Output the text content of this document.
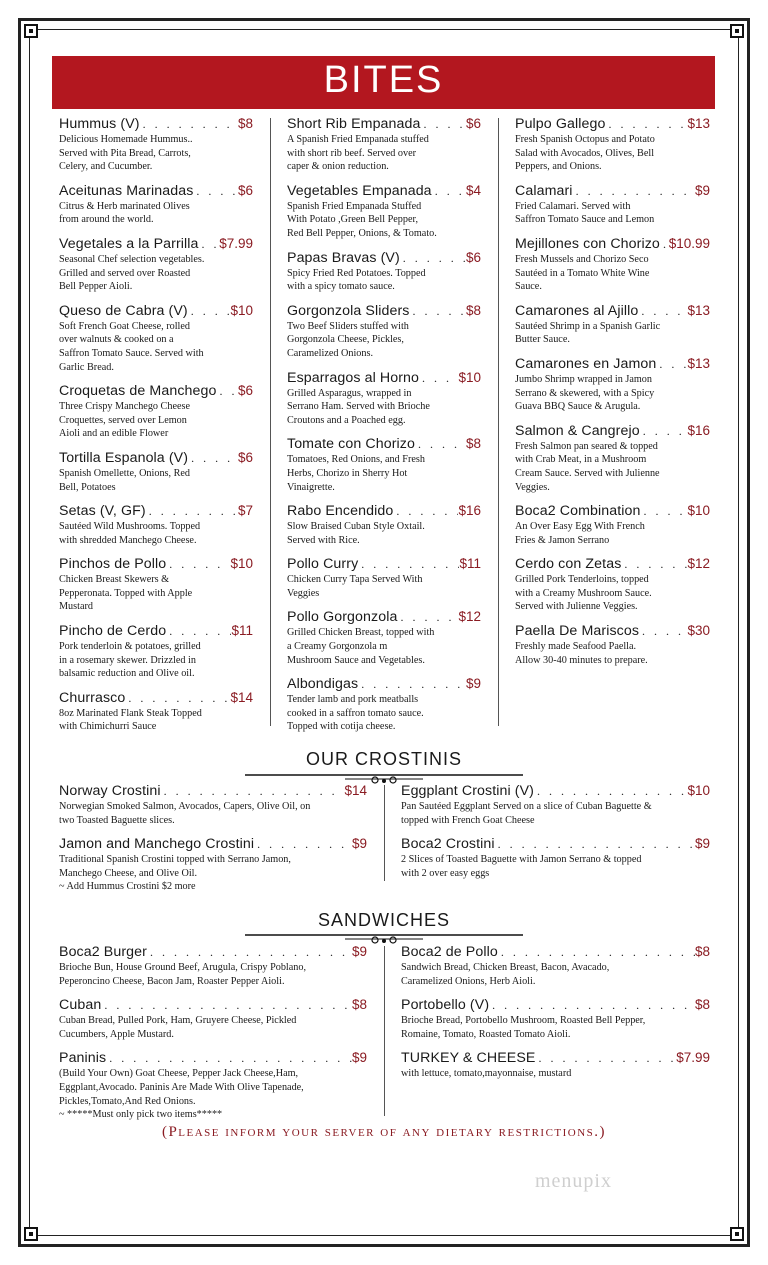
BITES
Hummus (V) . . .	$8
Delicious Homemade Hummus..
Served with Pita Bread, Carrots,
Celery, and Cucumber.
Aceitunas Marinadas . . .	$6
Citrus & Herb marinated Olives
from around the world.
Vegetales a la Parrilla . . . $7.99
Seasonal Chef selection vegetables.
Grilled and served over Roasted
Bell Pepper Aioli.
Queso de Cabra (V) . . .	$10
Soft French Goat Cheese, rolled
over walnuts & cooked on a
Saffron Tomato Sauce. Served with
Garlic Bread.
Croquetas de Manchego . . . $6
Three Crispy Manchego Cheese
Croquettes, served over Lemon
Aioli and an edible Flower
Tortilla Espanola (V) . . .	$6
Spanish Omellette, Onions, Red
Bell, Potatoes
Setas (V, GF) . . .	$7
Sautéed Wild Mushrooms. Topped
with shredded Manchego Cheese.
Pinchos de Pollo . . .	$10
Chicken Breast Skewers &
Pepperonata. Topped with Apple
Mustard
Pincho de Cerdo . . .	$11
Pork tenderloin & potatoes, grilled
in a rosemary skewer. Drizzled in
balsamic reduction and Olive oil.
Churrasco . . .	$14
8oz Marinated Flank Steak Topped
with Chimichurri Sauce
Short Rib Empanada . . .	$6
A Spanish Fried Empanada stuffed
with short rib beef. Served over
caper & onion reduction.
Vegetables Empanada . . .	$4
Spanish Fried Empanada Stuffed
With Potato ,Green Bell Pepper,
Red Bell Pepper, Onions, & Tomato.
Papas Bravas (V) . . .	$6
Spicy Fried Red Potatoes. Topped
with a spicy tomato sauce.
Gorgonzola Sliders . . .	$8
Two Beef Sliders stuffed with
Gorgonzola Cheese, Pickles,
Caramelized Onions.
Esparragos al Horno . . .	$10
Grilled Asparagus, wrapped in
Serrano Ham. Served with Brioche
Croutons and a Poached egg.
Tomate con Chorizo . . .	$8
Tomatoes, Red Onions, and Fresh
Herbs, Chorizo in Sherry Hot
Vinaigrette.
Rabo Encendido . . .	$16
Slow Braised Cuban Style Oxtail.
Served with Rice.
Pollo Curry . . .	$11
Chicken Curry Tapa Served With
Veggies
Pollo Gorgonzola . . .	$12
Grilled Chicken Breast, topped with
a Creamy Gorgonzola m
Mushroom Sauce and Vegetables.
Albondigas . . .	$9
Tender lamb and pork meatballs
cooked in a saffron tomato sauce.
Topped with cotija cheese.
Pulpo Gallego . . .	$13
Fresh Spanish Octopus and Potato
Salad with Avocados, Olives, Bell
Peppers, and Onions.
Calamari . . .	$9
Fried Calamari. Served with
Saffron Tomato Sauce and Lemon
Mejillones con Chorizo . . . $10.99
Fresh Mussels and Chorizo Seco
Sautéed in a Tomato White Wine
Sauce.
Camarones al Ajillo . . .	$13
Sautéed Shrimp in a Spanish Garlic
Butter Sauce.
Camarones en Jamon . . . $13
Jumbo Shrimp wrapped in Jamon
Serrano & skewered, with a Spicy
Guava BBQ Sauce & Arugula.
Salmon & Cangrejo . . .	$16
Fresh Salmon pan seared & topped
with Crab Meat, in a Mushroom
Cream Sauce. Served with Julienne
Veggies.
Boca2 Combination . . .	$10
An Over Easy Egg With French
Fries & Jamon Serrano
Cerdo con Zetas . . .	$12
Grilled Pork Tenderloins, topped
with a Creamy Mushroom Sauce.
Served with Julienne Veggies.
Paella De Mariscos . . .	$30
Freshly made Seafood Paella.
Allow 30-40 minutes to prepare.
OUR CROSTINIS
Norway Crostini . . .	$14
Norwegian Smoked Salmon, Avocados, Capers, Olive Oil, on
two Toasted Baguette slices.
Jamon and Manchego Crostini . . .	$9
Traditional Spanish Crostini topped with Serrano Jamon,
Manchego Cheese, and Olive Oil.
~ Add Hummus Crostini $2 more
Eggplant Crostini (V) . . .	$10
Pan Sautéed Eggplant Served on a slice of Cuban Baguette &
topped with French Goat Cheese
Boca2 Crostini . . .	$9
2 Slices of Toasted Baguette with Jamon Serrano & topped
with 2 over easy eggs
SANDWICHES
Boca2 Burger . . .	$9
Brioche Bun, House Ground Beef, Arugula, Crispy Poblano,
Peperoncino Cheese, Bacon Jam, Roaster Pepper Aioli.
Cuban . . .	$8
Cuban Bread, Pulled Pork, Ham, Gruyere Cheese, Pickled
Cucumbers, Apple Mustard.
Paninis . . .	$9
(Build Your Own) Goat Cheese, Pepper Jack Cheese,Ham,
Eggplant,Avocado. Paninis Are Made With Olive Tapenade,
Pickles,Tomato,And Red Onions.
~ *****Must only pick two items*****
Boca2 de Pollo . . .	$8
Sandwich Bread, Chicken Breast, Bacon, Avacado,
Caramelized Onions, Herb Aioli.
Portobello (V) . . .	$8
Brioche Bread, Portobello Mushroom, Roasted Bell Pepper,
Romaine, Tomato, Roasted Tomato Aioli.
TURKEY & CHEESE . . .	$7.99
with lettuce, tomato,mayonnaise, mustard
(Please inform your server of any dietary restrictions.)
menupix
